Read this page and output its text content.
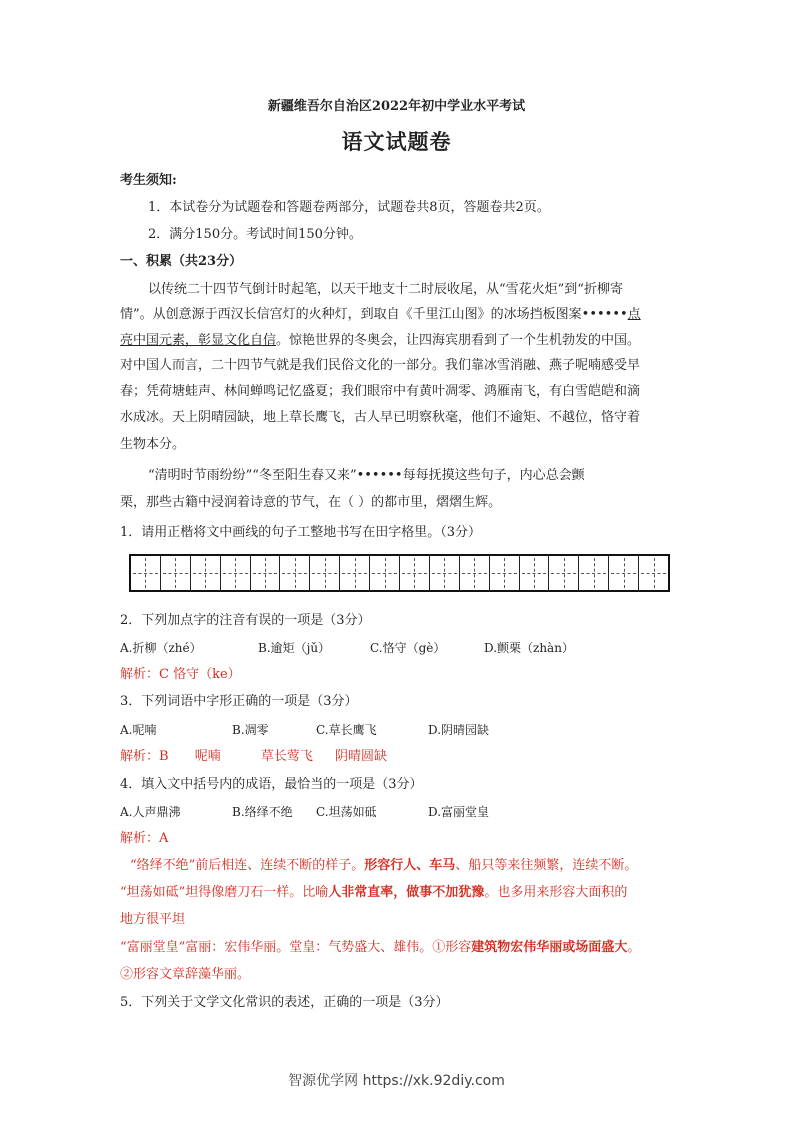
新疆维吾尔自治区2022年初中学业水平考试
语文试题卷
考生须知:
1．本试卷分为试题卷和答题卷两部分，试题卷共8页，答题卷共2页。
2．满分150分。考试时间150分钟。
一、积累（共23分）
以传统二十四节气倒计时起笔，以天干地支十二时辰收尾，从“雪花火炬”到“折柳寄
情”。从创意源于西汉长信宫灯的火种灯，到取自《千里江山图》的冰场挡板图案••••••点
亮中国元素，彰显文化自信。惊艳世界的冬奥会，让四海宾朋看到了一个生机勃发的中国。
对中国人而言，二十四节气就是我们民俗文化的一部分。我们靠冰雪消融、燕子呢喃感受早
春；凭荷塘蛙声、林间蝉鸣记忆盛夏；我们眼帘中有黄叶凋零、鸿雁南飞，有白雪皑皑和滴
水成冰。天上阴晴园缺，地上草长鹰飞，古人早已明察秋毫，他们不逾矩、不越位，恪守着
生物本分。
“清明时节雨纷纷”“冬至阳生春又来”••••••每每抚摸这些句子，内心总会颤
栗，那些古籍中浸润着诗意的节气，在（ ）的都市里，熠熠生辉。
1．请用正楷将文中画线的句子工整地书写在田字格里。（3分）
2．下列加点字的注音有误的一项是（3分）
A.折柳（zhé）	B.逾矩（jǔ）	C.恪守（gè）	D.颤栗（zhàn）
解析：C 恪守（ke）
3．下列词语中字形正确的一项是（3分）
A.呢喃	B.凋零	C.草长鹰飞	D.阴晴园缺
解析：B 呢喃	草长莺飞 阴晴圆缺
4．填入文中括号内的成语，最恰当的一项是（3分）
A.人声鼎沸	B.络绎不绝 C.坦荡如砥	D.富丽堂皇
解析：A
“络绎不绝”前后相连、连续不断的样子。形容行人、车马、船只等来往频繁，连续不断。
“坦荡如砥”坦得像磨刀石一样。比喻人非常直率，做事不加犹豫。也多用来形容大面积的
地方很平坦
“富丽堂皇”富丽：宏伟华丽。堂皇：气势盛大、雄伟。①形容建筑物宏伟华丽或场面盛大。
②形容文章辞藻华丽。
5．下列关于文学文化常识的表述，正确的一项是（3分）
智源优学网 https://xk.92diy.com
